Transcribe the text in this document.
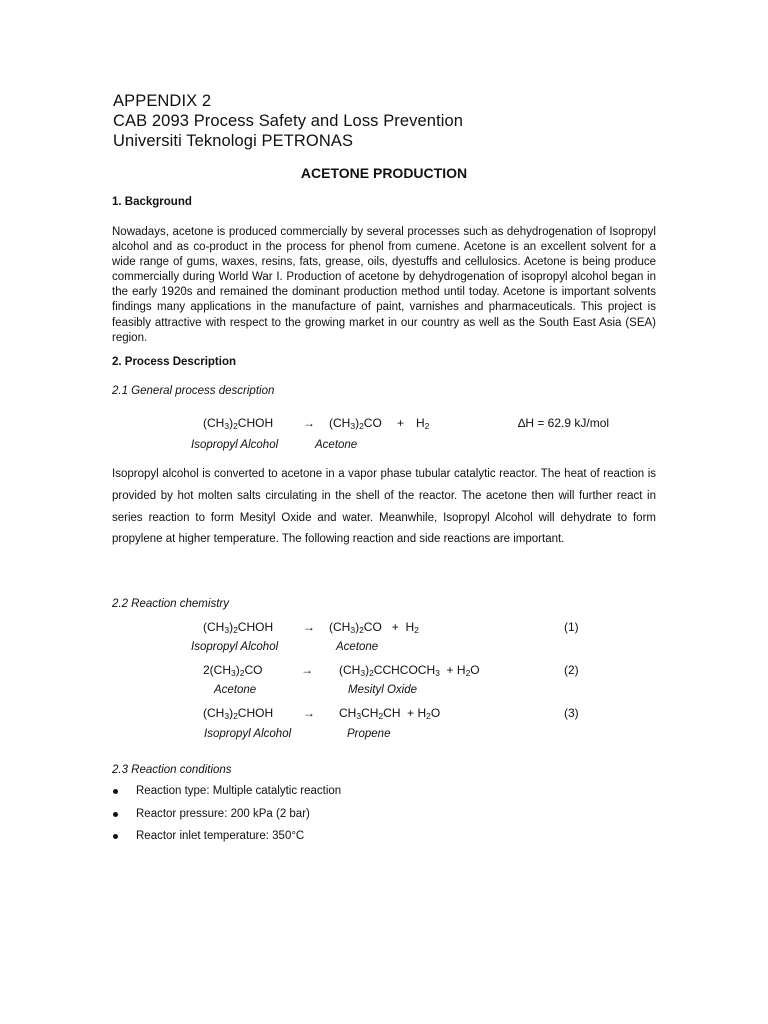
APPENDIX 2
CAB 2093 Process Safety and Loss Prevention
Universiti Teknologi PETRONAS
ACETONE PRODUCTION
1. Background
Nowadays, acetone is produced commercially by several processes such as dehydrogenation of Isopropyl alcohol and as co-product in the process for phenol from cumene. Acetone is an excellent solvent for a wide range of gums, waxes, resins, fats, grease, oils, dyestuffs and cellulosics. Acetone is being produce commercially during World War I. Production of acetone by dehydrogenation of isopropyl alcohol began in the early 1920s and remained the dominant production method until today. Acetone is important solvents findings many applications in the manufacture of paint, varnishes and pharmaceuticals. This project is feasibly attractive with respect to the growing market in our country as well as the South East Asia (SEA) region.
2. Process Description
2.1 General process description
$(CH_3)_2CHOH \to (CH_3)_2CO + H_2$	∆H = 62.9 kJ/mol
Isopropyl Alcohol	Acetone
Isopropyl alcohol is converted to acetone in a vapor phase tubular catalytic reactor. The heat of reaction is provided by hot molten salts circulating in the shell of the reactor. The acetone then will further react in series reaction to form Mesityl Oxide and water. Meanwhile, Isopropyl Alcohol will dehydrate to form propylene at higher temperature. The following reaction and side reactions are important.
2.2 Reaction chemistry
$(CH_3)_2CHOH \to (CH_3)_2CO + H_2$	(1)
Isopropyl Alcohol	Acetone
$2(CH_3)_2CO$	→ $(CH_3)_2CCHCOCH_3 + H_2O$	(2)
Acetone	Mesityl Oxide
$(CH_3)_2CHOH \to CH_3CH_2CH + H_2O$	(3)
Isopropyl Alcohol	Propene
2.3 Reaction conditions
Reaction type: Multiple catalytic reaction
Reactor pressure: 200 kPa (2 bar)
Reactor inlet temperature: 350°C
